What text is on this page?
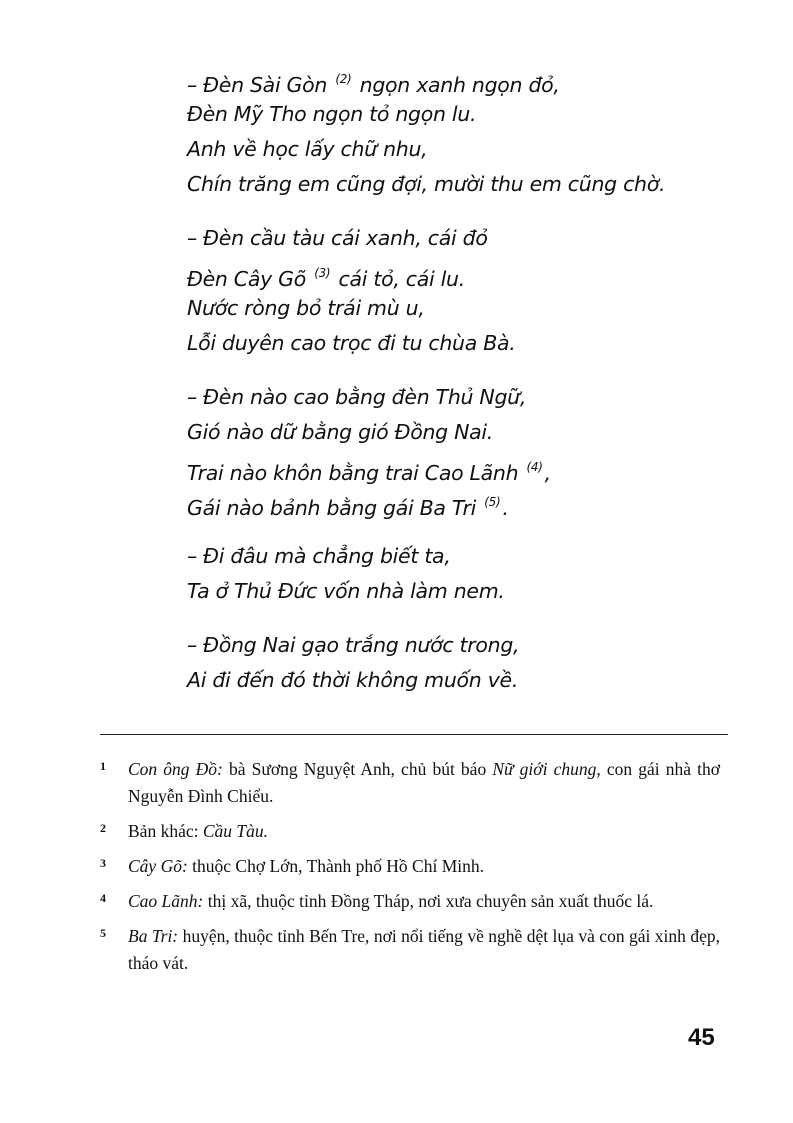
– Đèn Sài Gòn $^{(2)}$ ngọn xanh ngọn đỏ,
Đèn Mỹ Tho ngọn tỏ ngọn lu.
Anh về học lấy chữ nhu,
Chín trăng em cũng đợi, mười thu em cũng chờ.
– Đèn cầu tàu cái xanh, cái đỏ
Đèn Cây Gõ $^{(3)}$ cái tỏ, cái lu.
Nước ròng bỏ trái mù u,
Lỗi duyên cao trọc đi tu chùa Bà.
– Đèn nào cao bằng đèn Thủ Ngữ,
Gió nào dữ bằng gió Đồng Nai.
Trai nào khôn bằng trai Cao Lãnh $^{(4)}$,
Gái nào bảnh bằng gái Ba Tri $^{(5)}$.
– Đi đâu mà chẳng biết ta,
Ta ở Thủ Đức vốn nhà làm nem.
– Đồng Nai gạo trắng nước trong,
Ai đi đến đó thời không muốn về.
1	Con ông Đồ: bà Sương Nguyệt Anh, chủ bút báo Nữ giới chung, con gái nhà thơ Nguyễn Đình Chiểu.
2	Bản khác: Cầu Tàu.
3	Cây Gõ: thuộc Chợ Lớn, Thành phố Hồ Chí Minh.
4	Cao Lãnh: thị xã, thuộc tỉnh Đồng Tháp, nơi xưa chuyên sản xuất thuốc lá.
5	Ba Tri: huyện, thuộc tỉnh Bến Tre, nơi nổi tiếng về nghề dệt lụa và con gái xinh đẹp, tháo vát.
45
